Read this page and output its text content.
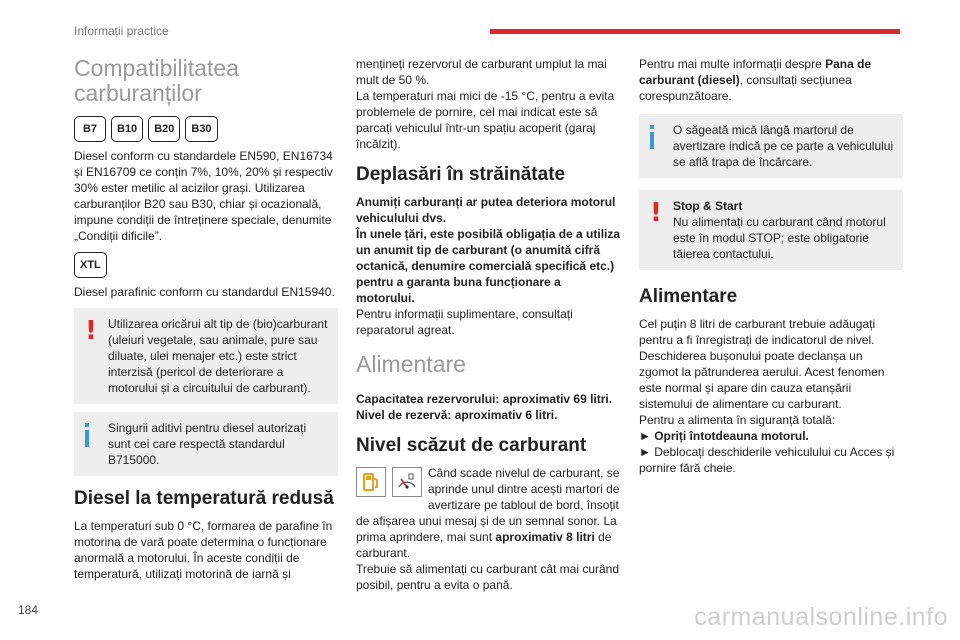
Informații practice
Compatibilitatea carburanților
B7	B10	B20	B30

Diesel conform cu standardele EN590, EN16734 și EN16709 ce conțin 7%, 10%, 20% și respectiv 30% ester metilic al acizilor grași. Utilizarea carburanților B20 sau B30, chiar și ocazională, impune condiții de întreținere speciale, denumite „Condiții dificile”.

XTL

Diesel parafinic conform cu standardul EN15940.

! Utilizarea oricărui alt tip de (bio)carburant (uleiuri vegetale, sau animale, pure sau diluate, ulei menajer etc.) este strict interzisă (pericol de deteriorare a motorului și a circuitului de carburant).
Singurii aditivi pentru diesel autorizați sunt cei care respectă standardul B715000.
Diesel la temperatură redusă

La temperaturi sub 0 °C, formarea de parafine în motorina de vară poate determina o funcționare anormală a motorului. În aceste condiții de temperatură, utilizați motorină de iarnă și

mențineți rezervorul de carburant umplut la mai mult de 50 %.

La temperaturi mai mici de -15 °C, pentru a evita problemele de pornire, cel mai indicat este să parcați vehiculul într-un spațiu acoperit (garaj încălzit).

Deplasări în străinătate

Anumiți carburanți ar putea deteriora motorul vehiculului dvs.

În unele țări, este posibilă obligația de a utiliza un anumit tip de carburant (o anumită cifră octanică, denumire comercială specifică etc.) pentru a garanta buna funcționare a motorului.

Pentru informații suplimentare, consultați reparatorul agreat.

Alimentare

Capacitatea rezervorului: aproximativ 69 litri.

Nivel de rezervă: aproximativ 6 litri.

Nivel scăzut de carburant

Când scade nivelul de carburant, se aprinde unul dintre acești martori de avertizare pe tabloul de bord, însoțit de afișarea unui mesaj și de un semnal sonor. La prima aprindere, mai sunt aproximativ 8 litri de carburant.

Trebuie să alimentați cu carburant cât mai curând posibil, pentru a evita o pană.

Pentru mai multe informații despre Pana de carburant (diesel), consultați secțiunea corespunzătoare.

O săgeată mică lângă martorul de avertizare indică pe ce parte a vehiculului se află trapa de încărcare.
! Stop & Start
Nu alimentați cu carburant când motorul este în modul STOP; este obligatorie tăierea contactului.
Alimentare

Cel puțin 8 litri de carburant trebuie adăugați pentru a fi înregistrați de indicatorul de nivel.

Deschiderea bușonului poate declanșa un zgomot la pătrunderea aerului. Acest fenomen este normal și apare din cauza etanșării sistemului de alimentare cu carburant.

Pentru a alimenta în siguranță totală:

► Opriți întotdeauna motorul.

► Deblocați deschiderile vehiculului cu Acces și pornire fără cheie.

184	carmanualsonline.info
